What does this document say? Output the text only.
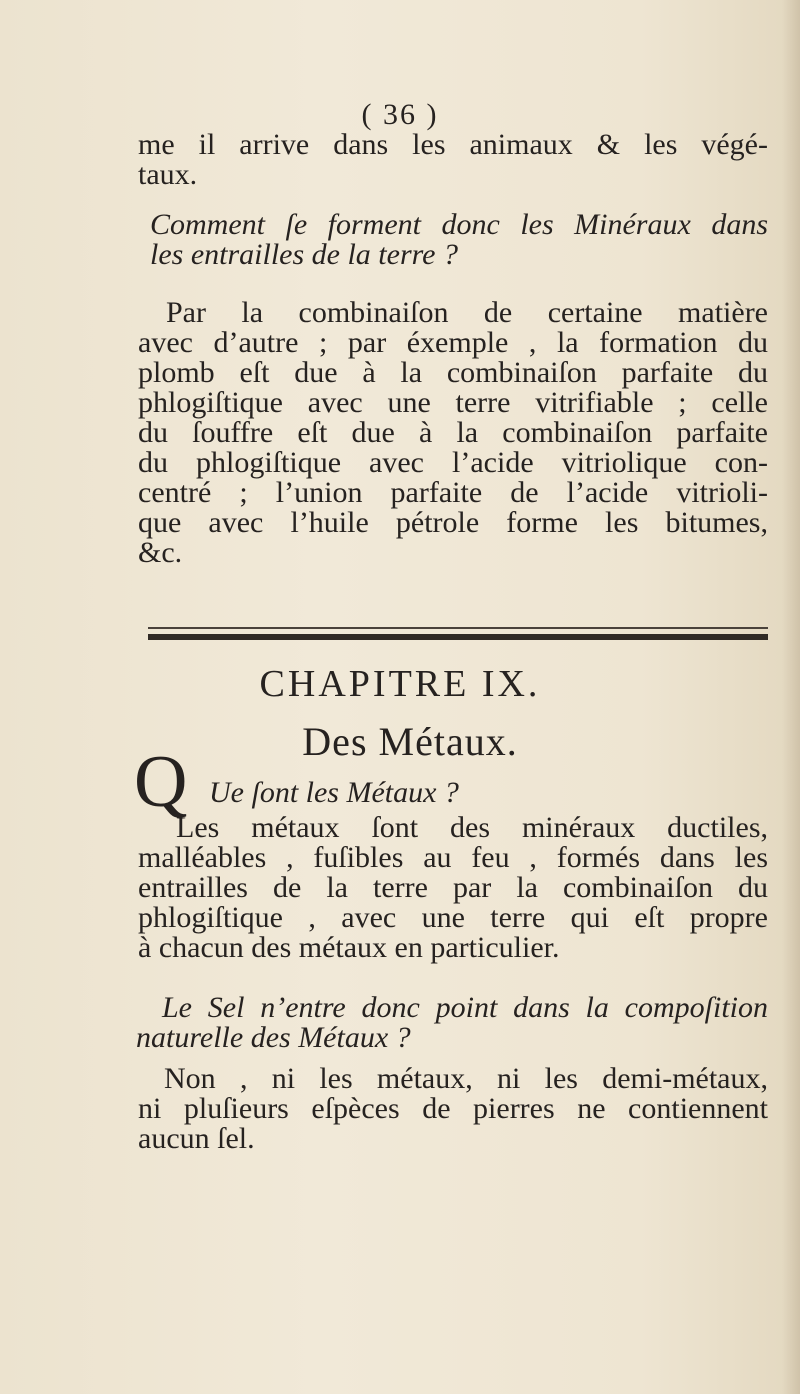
( 36 )
me il arrive dans les animaux & les végé-
taux.
Comment ſe forment donc les Minéraux dans
les entrailles de la terre ?
Par la combinaiſon de certaine matière
avec d’autre ; par éxemple , la formation du
plomb eſt due à la combinaiſon parfaite du
phlogiſtique avec une terre vitrifiable ; celle
du ſouffre eſt due à la combinaiſon parfaite
du phlogiſtique avec l’acide vitriolique con-
centré ; l’union parfaite de l’acide vitrioli-
que avec l’huile pétrole forme les bitumes,
&c.
CHAPITRE IX.
Des Métaux.
Q Ue ſont les Métaux ?
Les métaux ſont des minéraux ductiles,
malléables , fuſibles au feu , formés dans les
entrailles de la terre par la combinaiſon du
phlogiſtique , avec une terre qui eſt propre
à chacun des métaux en particulier.
Le Sel n’entre donc point dans la compoſition
naturelle des Métaux ?
Non , ni les métaux, ni les demi-métaux,
ni pluſieurs eſpèces de pierres ne contiennent
aucun ſel.
